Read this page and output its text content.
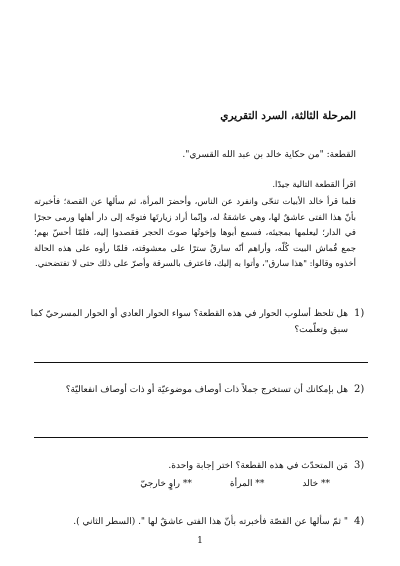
المرحلة الثالثة، السرد التقريري
القطعة: "من حكاية خالد بن عبد الله القسري".
اقرأ القطعة التالية جيدًا.
فلما قرأ خالد الأبيات تنحّى وانفرد عن الناس، وأحضرَ المرأة، ثم سألها عن القصة؛ فأخبرته بأنّ هذا الفتى عاشقٌ لها، وهي عاشقةٌ له، وإنّما أراد زيارتَها فتوجّه إلى دار أهلها ورمى حجرًا في الدار؛ ليعلمها بمجيئه، فسمع أبوها وإخوتُها صوتَ الحجر فقصدوا إليه، فلمّا أحسّ بهم؛ جمع قُماش البيت كُلّه، وأراهم أنّه سارقٌ سترًا على معشوقته، فلمّا رأوه على هذه الحالة أخذوه وقالوا: "هذا سارق"، وأتوا به إليك، فاعترف بالسرقة وأصرّ على ذلك حتى لا تفتضحني.
1)
هل تلحظ أسلوب الحوار في هذه القطعة؟ سواء الحوار العادي أو الحوار المسرحيّ كما سبق وتعلّمت؟
2)
هل بإمكانك أن تستخرج جملاً ذات أوصاف موضوعيّة أو ذات أوصاف انفعاليّة؟
3)
مَن المتحدّث في هذه القطعة؟ اختر إجابة واحدة.
** خالد
** المرأة
** راوٍ خارجيّ
4)
" ثمّ سألها عن القصّة فأخبرته بأنّ هذا الفتى عاشقٌ لها ". (السطر الثاني ).
1
